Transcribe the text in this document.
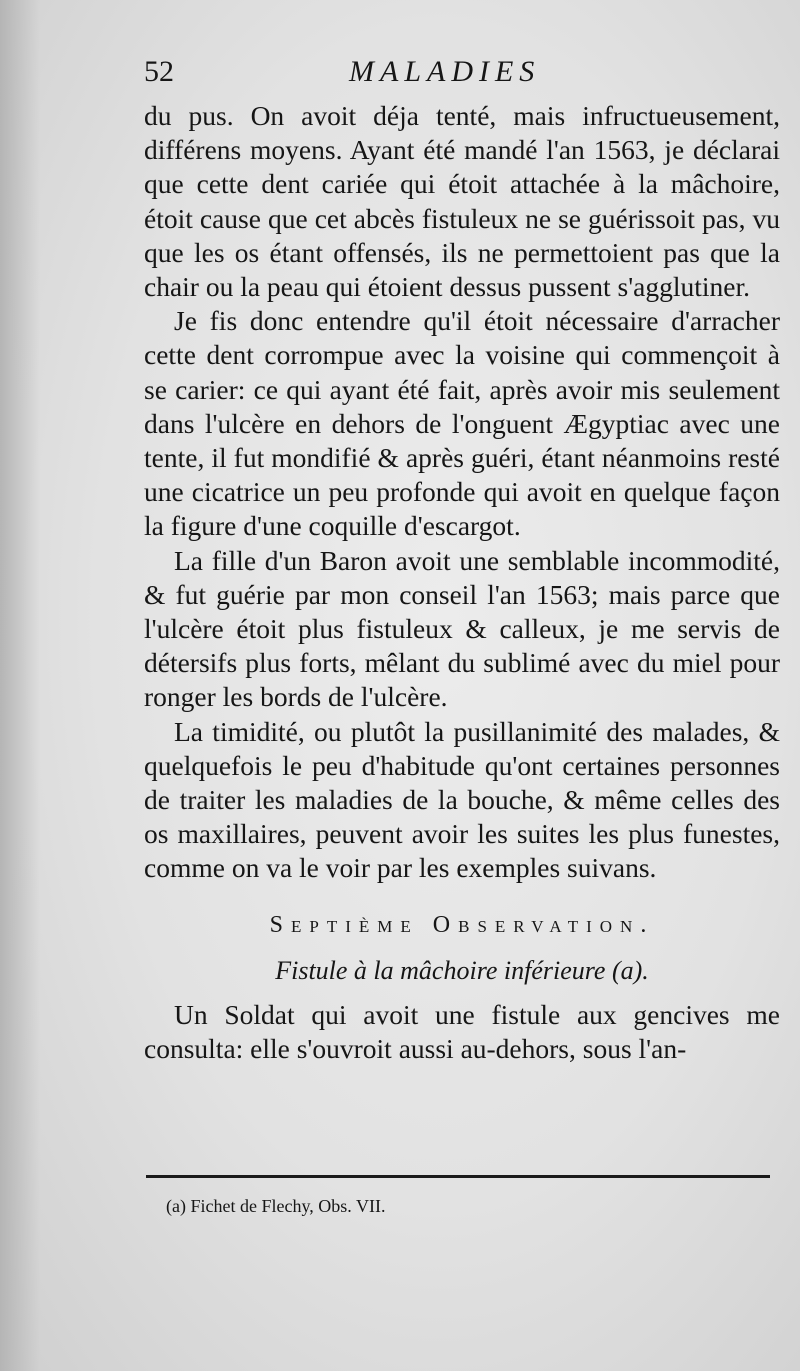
52	MALADIES

du pus. On avoit déja tenté, mais infructueusement, différens moyens. Ayant été mandé l'an 1563, je déclarai que cette dent cariée qui étoit attachée à la mâchoire, étoit cause que cet abcès fistuleux ne se guérissoit pas, vu que les os étant offensés, ils ne permettoient pas que la chair ou la peau qui étoient dessus pussent s'agglutiner.

Je fis donc entendre qu'il étoit nécessaire d'arracher cette dent corrompue avec la voisine qui commençoit à se carier: ce qui ayant été fait, après avoir mis seulement dans l'ulcère en dehors de l'onguent Ægyptiac avec une tente, il fut mondifié & après guéri, étant néanmoins resté une cicatrice un peu profonde qui avoit en quelque façon la figure d'une coquille d'escargot.

La fille d'un Baron avoit une semblable incommodité, & fut guérie par mon conseil l'an 1563; mais parce que l'ulcère étoit plus fistuleux & calleux, je me servis de détersifs plus forts, mêlant du sublimé avec du miel pour ronger les bords de l'ulcère.

La timidité, ou plutôt la pusillanimité des malades, & quelquefois le peu d'habitude qu'ont certaines personnes de traiter les maladies de la bouche, & même celles des os maxillaires, peuvent avoir les suites les plus funestes, comme on va le voir par les exemples suivans.

Septième Observation.
Fistule à la mâchoire inférieure (a).

Un Soldat qui avoit une fistule aux gencives me consulta: elle s'ouvroit aussi au-dehors, sous l'an-

(a) Fichet de Flechy, Obs. VII.
